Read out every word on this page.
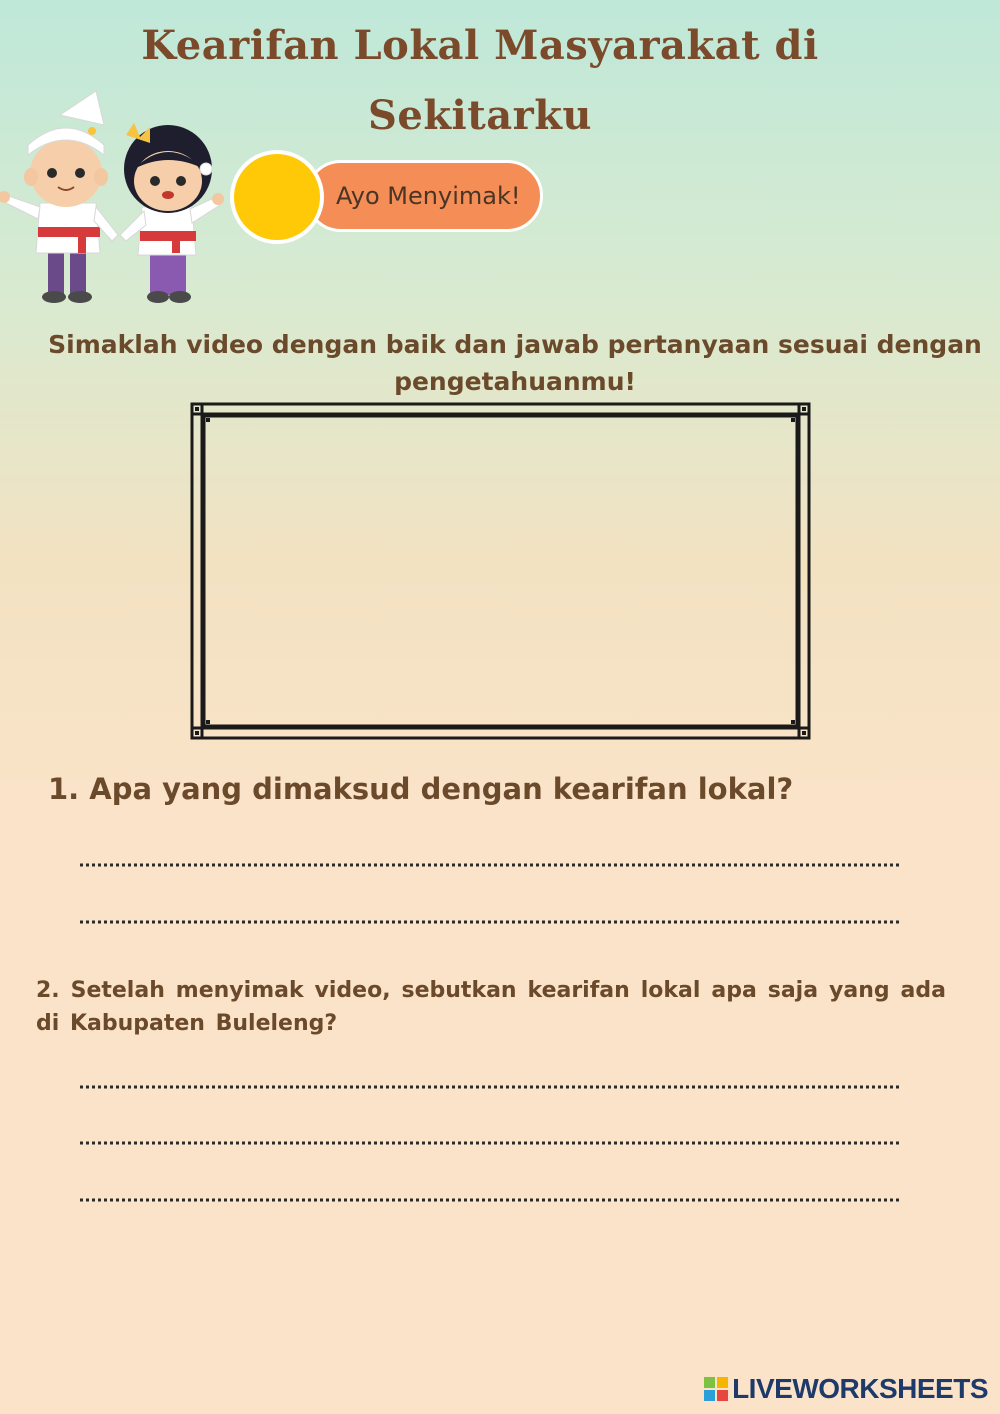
Kearifan Lokal Masyarakat di
Sekitarku
Ayo Menyimak!
Simaklah video dengan baik dan jawab pertanyaan sesuai dengan pengetahuanmu!
1. Apa yang dimaksud dengan kearifan lokal?
2. Setelah menyimak video, sebutkan kearifan lokal apa saja yang ada di Kabupaten Buleleng?
LIVEWORKSHEETS
